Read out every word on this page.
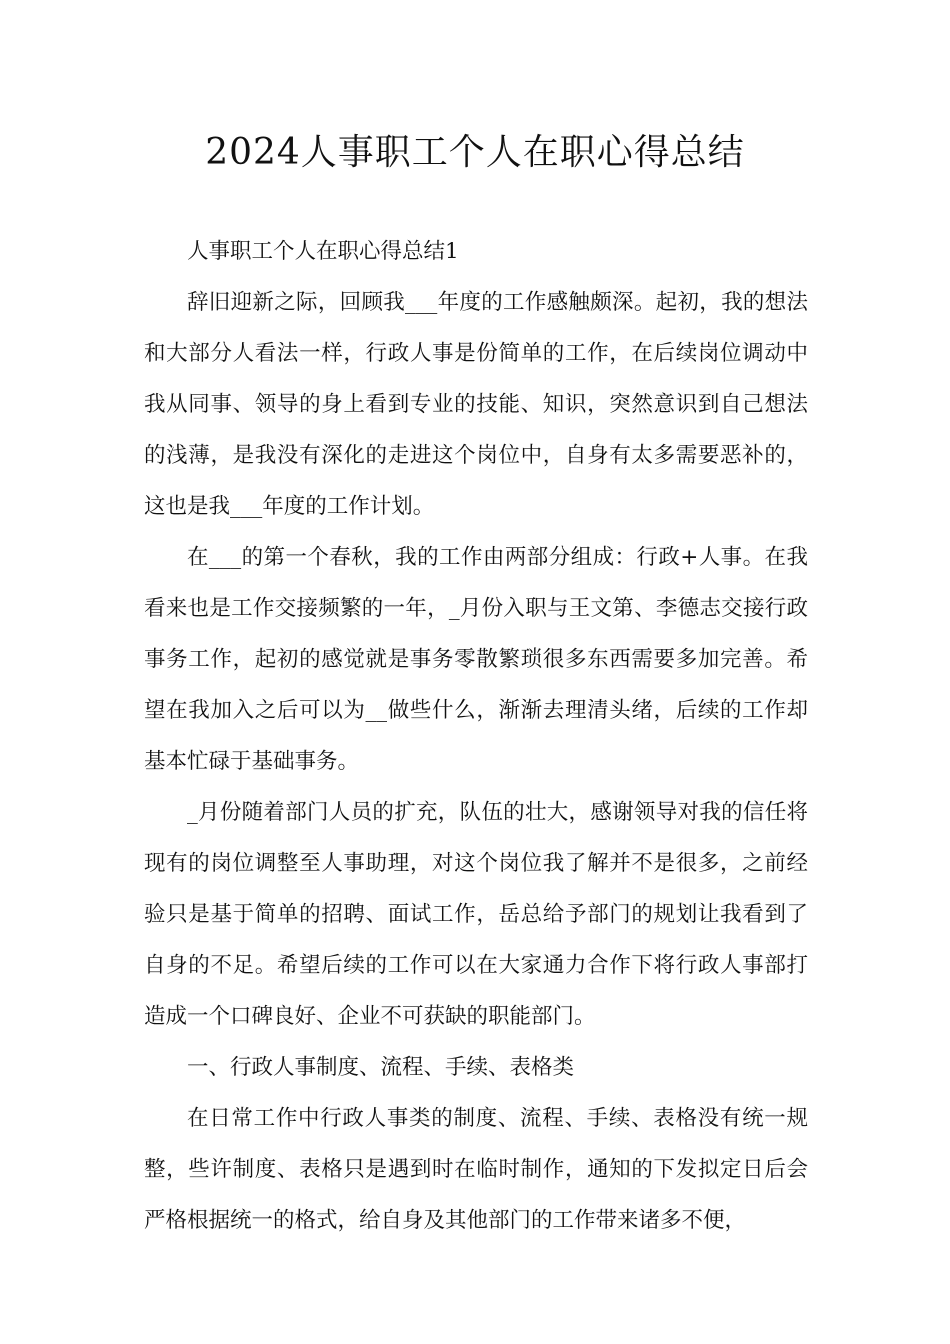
2024人事职工个人在职心得总结

人事职工个人在职心得总结1

辞旧迎新之际，回顾我___年度的工作感触颇深。起初，我的想法和大部分人看法一样，行政人事是份简单的工作，在后续岗位调动中我从同事、领导的身上看到专业的技能、知识，突然意识到自己想法的浅薄，是我没有深化的走进这个岗位中，自身有太多需要恶补的，这也是我___年度的工作计划。

在___的第一个春秋，我的工作由两部分组成：行政+人事。在我看来也是工作交接频繁的一年，_月份入职与王文第、李德志交接行政事务工作，起初的感觉就是事务零散繁琐很多东西需要多加完善。希望在我加入之后可以为__做些什么，渐渐去理清头绪，后续的工作却基本忙碌于基础事务。

_月份随着部门人员的扩充，队伍的壮大，感谢领导对我的信任将现有的岗位调整至人事助理，对这个岗位我了解并不是很多，之前经验只是基于简单的招聘、面试工作，岳总给予部门的规划让我看到了自身的不足。希望后续的工作可以在大家通力合作下将行政人事部打造成一个口碑良好、企业不可获缺的职能部门。

一、行政人事制度、流程、手续、表格类

在日常工作中行政人事类的制度、流程、手续、表格没有统一规整，些许制度、表格只是遇到时在临时制作，通知的下发拟定日后会严格根据统一的格式，给自身及其他部门的工作带来诸多不便，
